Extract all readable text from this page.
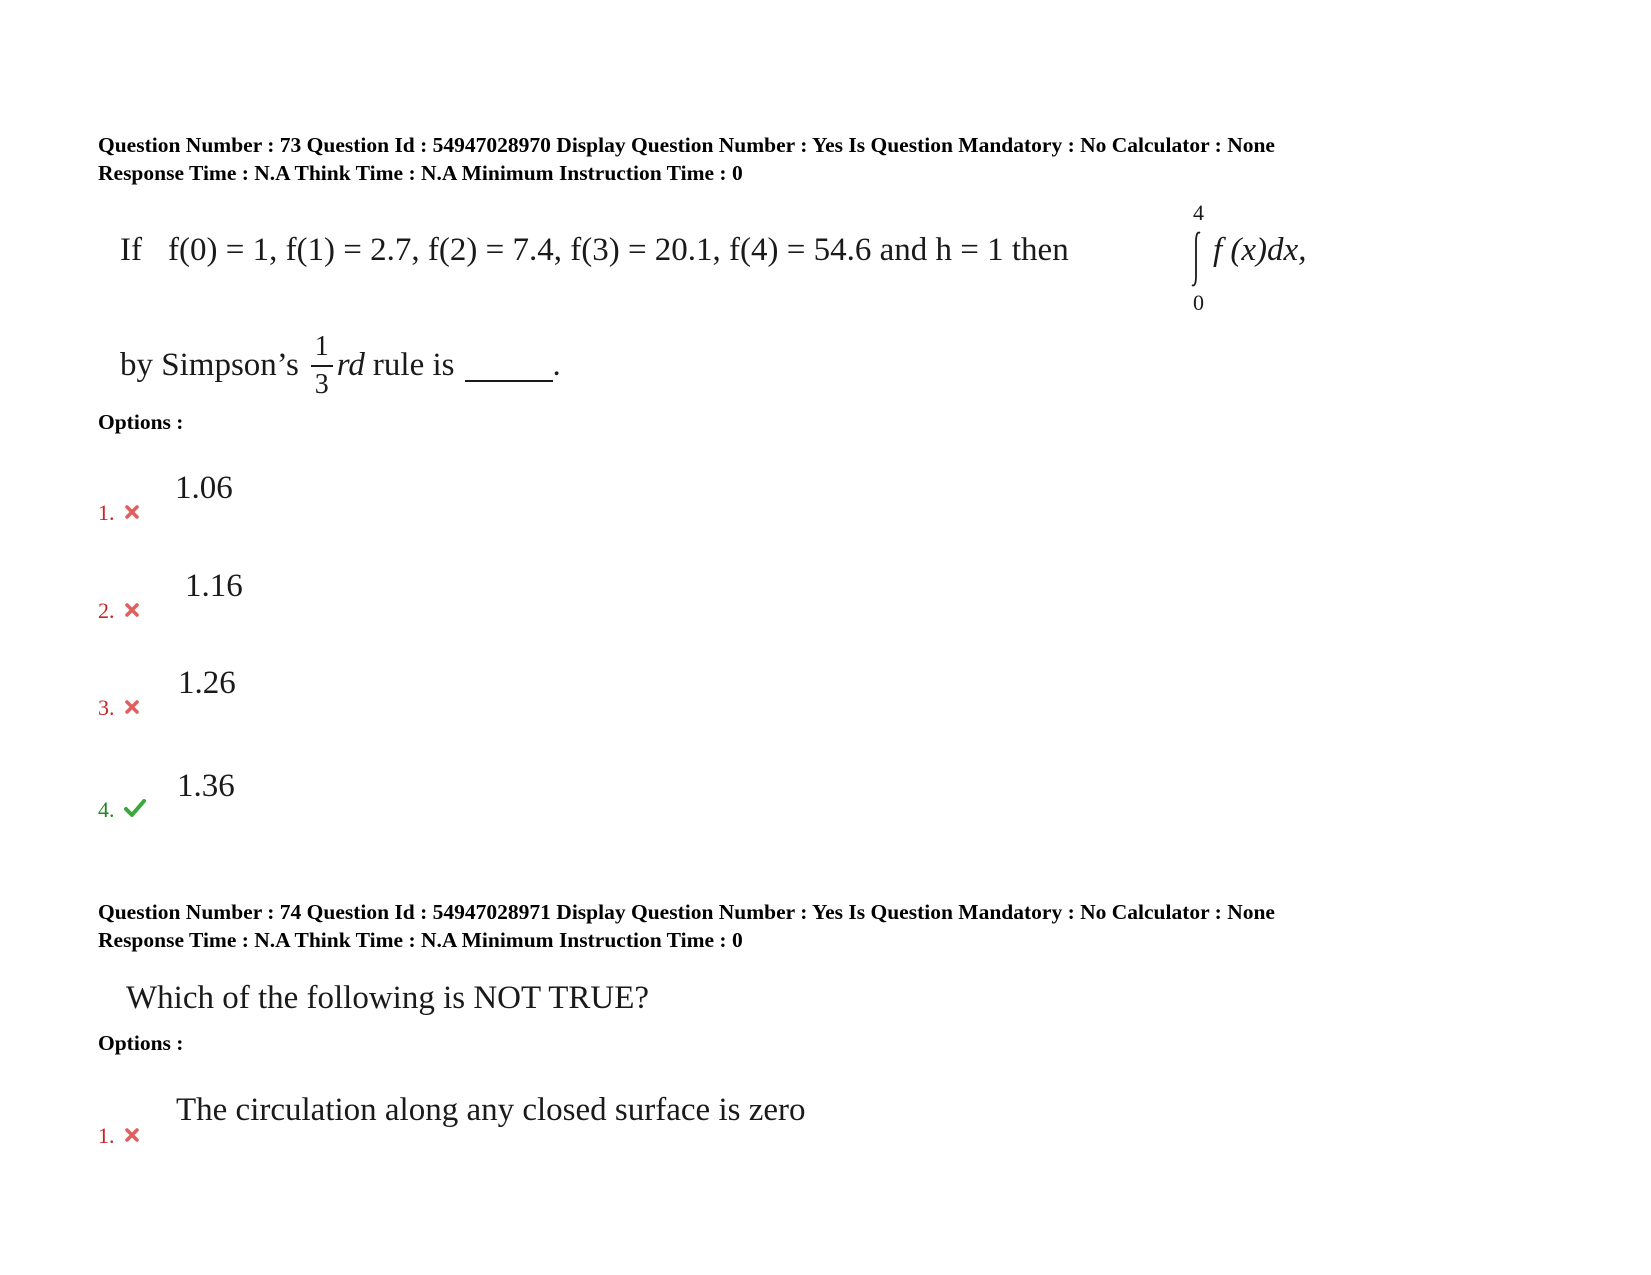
Question Number : 73 Question Id : 54947028970 Display Question Number : Yes Is Question Mandatory : No Calculator : None
Response Time : N.A Think Time : N.A Minimum Instruction Time : 0
If f(0) = 1, f(1) = 2.7, f(2) = 7.4, f(3) = 20.1, f(4) = 54.6 and h = 1 then
4
f (x)dx,
0
by Simpson’s $\frac{1}{3}$ rd rule is	.
Options :
1.
1.06
2.
1.16
3.
1.26
4.
1.36
Question Number : 74 Question Id : 54947028971 Display Question Number : Yes Is Question Mandatory : No Calculator : None
Response Time : N.A Think Time : N.A Minimum Instruction Time : 0
Which of the following is NOT TRUE?
Options :
1.
The circulation along any closed surface is zero
